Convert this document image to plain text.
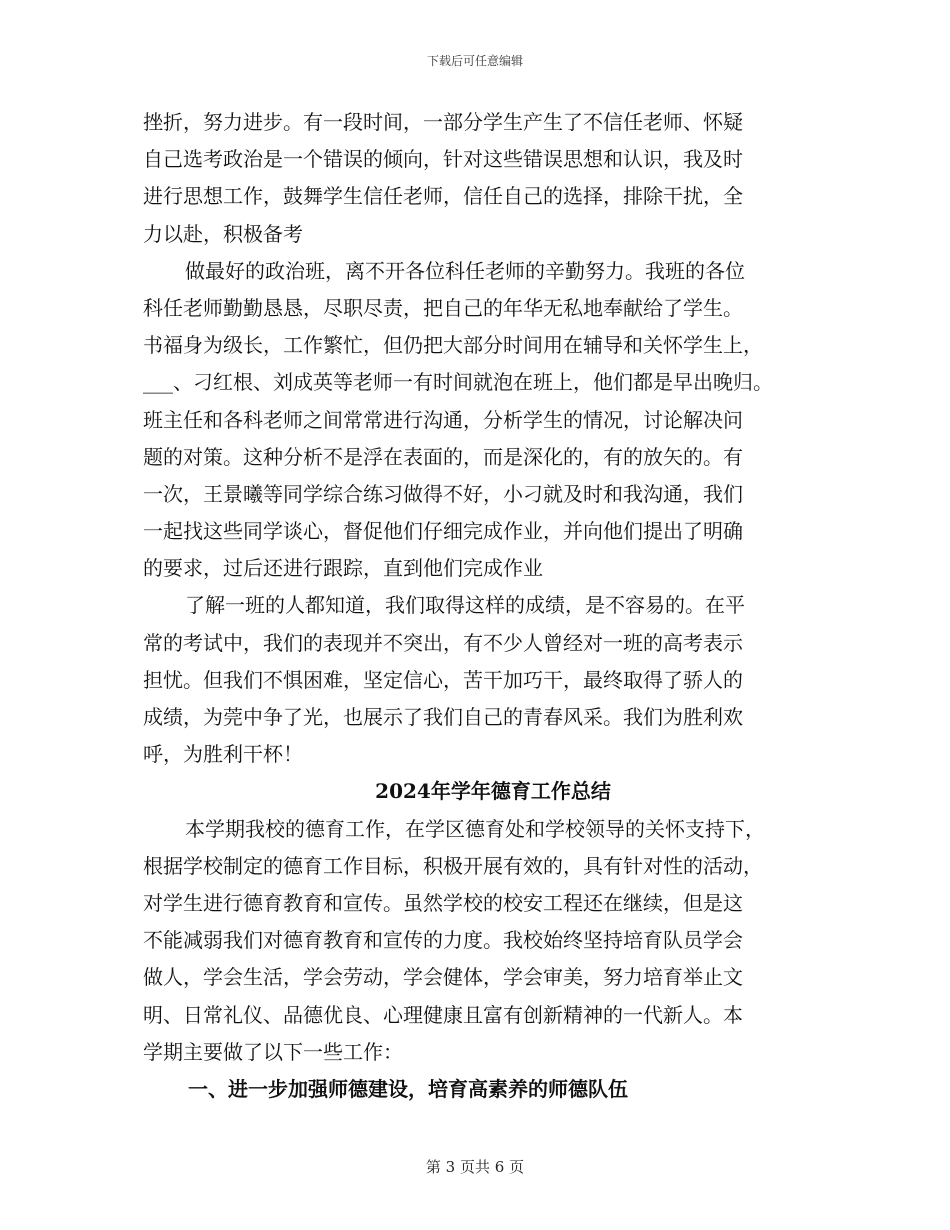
下载后可任意编辑
挫折，努力进步。有一段时间，一部分学生产生了不信任老师、怀疑
自己选考政治是一个错误的倾向，针对这些错误思想和认识，我及时
进行思想工作，鼓舞学生信任老师，信任自己的选择，排除干扰，全
力以赴，积极备考
做最好的政治班，离不开各位科任老师的辛勤努力。我班的各位
科任老师勤勤恳恳，尽职尽责，把自己的年华无私地奉献给了学生。
书福身为级长，工作繁忙，但仍把大部分时间用在辅导和关怀学生上，
___、刁红根、刘成英等老师一有时间就泡在班上，他们都是早出晚归。
班主任和各科老师之间常常进行沟通，分析学生的情况，讨论解决问
题的对策。这种分析不是浮在表面的，而是深化的，有的放矢的。有
一次，王景曦等同学综合练习做得不好，小刁就及时和我沟通，我们
一起找这些同学谈心，督促他们仔细完成作业，并向他们提出了明确
的要求，过后还进行跟踪，直到他们完成作业
了解一班的人都知道，我们取得这样的成绩，是不容易的。在平
常的考试中，我们的表现并不突出，有不少人曾经对一班的高考表示
担忧。但我们不惧困难，坚定信心，苦干加巧干，最终取得了骄人的
成绩，为莞中争了光，也展示了我们自己的青春风采。我们为胜利欢
呼，为胜利干杯！
2024年学年德育工作总结
本学期我校的德育工作，在学区德育处和学校领导的关怀支持下，
根据学校制定的德育工作目标，积极开展有效的，具有针对性的活动，
对学生进行德育教育和宣传。虽然学校的校安工程还在继续，但是这
不能减弱我们对德育教育和宣传的力度。我校始终坚持培育队员学会
做人，学会生活，学会劳动，学会健体，学会审美，努力培育举止文
明、日常礼仪、品德优良、心理健康且富有创新精神的一代新人。本
学期主要做了以下一些工作：
一、进一步加强师德建设，培育高素养的师德队伍
第 3 页共 6 页
